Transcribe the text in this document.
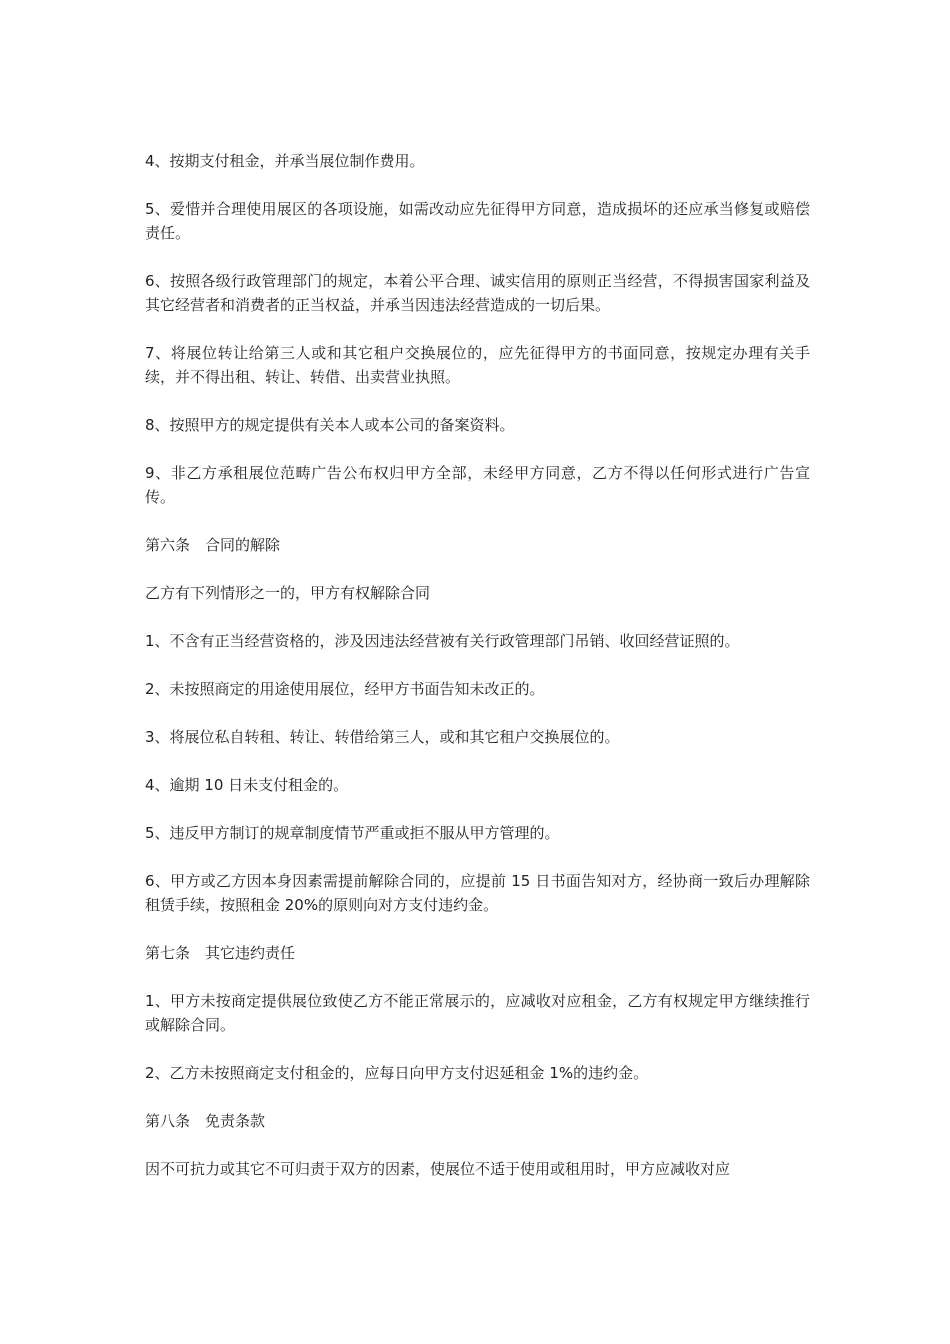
4、按期支付租金，并承当展位制作费用。

5、爱惜并合理使用展区的各项设施，如需改动应先征得甲方同意，造成损坏的还应承当修复或赔偿责任。

6、按照各级行政管理部门的规定，本着公平合理、诚实信用的原则正当经营，不得损害国家利益及其它经营者和消费者的正当权益，并承当因违法经营造成的一切后果。

7、将展位转让给第三人或和其它租户交换展位的，应先征得甲方的书面同意，按规定办理有关手续，并不得出租、转让、转借、出卖营业执照。

8、按照甲方的规定提供有关本人或本公司的备案资料。

9、非乙方承租展位范畴广告公布权归甲方全部，未经甲方同意，乙方不得以任何形式进行广告宣传。

第六条　合同的解除

乙方有下列情形之一的，甲方有权解除合同

1、不含有正当经营资格的，涉及因违法经营被有关行政管理部门吊销、收回经营证照的。

2、未按照商定的用途使用展位，经甲方书面告知未改正的。

3、将展位私自转租、转让、转借给第三人，或和其它租户交换展位的。

4、逾期 10 日未支付租金的。

5、违反甲方制订的规章制度情节严重或拒不服从甲方管理的。

6、甲方或乙方因本身因素需提前解除合同的，应提前 15 日书面告知对方，经协商一致后办理解除租赁手续，按照租金 20%的原则向对方支付违约金。

第七条　其它违约责任

1、甲方未按商定提供展位致使乙方不能正常展示的，应减收对应租金，乙方有权规定甲方继续推行或解除合同。

2、乙方未按照商定支付租金的，应每日向甲方支付迟延租金 1%的违约金。

第八条　免责条款

因不可抗力或其它不可归责于双方的因素，使展位不适于使用或租用时，甲方应减收对应
